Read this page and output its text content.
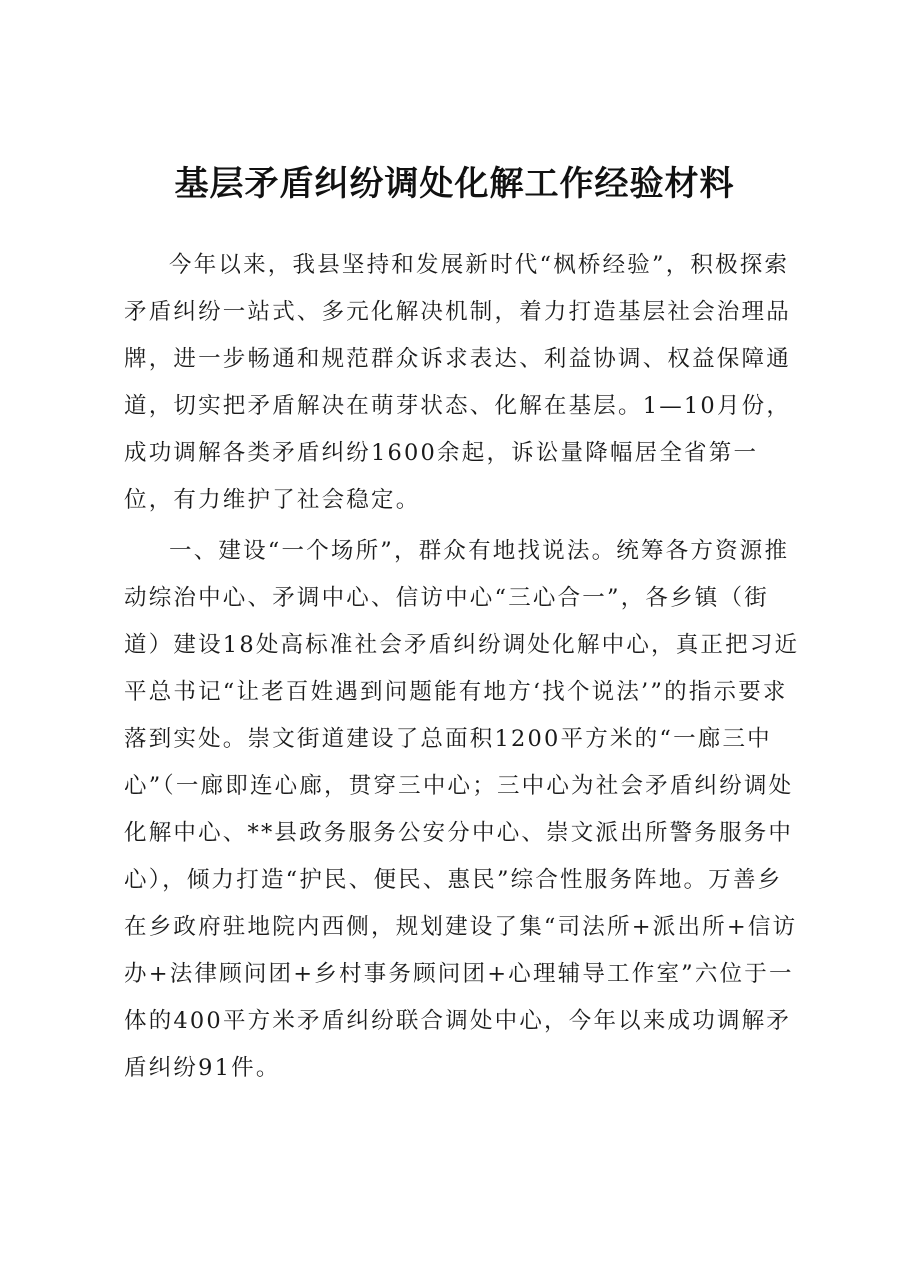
基层矛盾纠纷调处化解工作经验材料

今年以来，我县坚持和发展新时代“枫桥经验”，积极探索矛盾纠纷一站式、多元化解决机制，着力打造基层社会治理品牌，进一步畅通和规范群众诉求表达、利益协调、权益保障通道，切实把矛盾解决在萌芽状态、化解在基层。1—10月份，成功调解各类矛盾纠纷1600余起，诉讼量降幅居全省第一位，有力维护了社会稳定。

一、建设“一个场所”，群众有地找说法。统筹各方资源推动综治中心、矛调中心、信访中心“三心合一”，各乡镇（街道）建设18处高标准社会矛盾纠纷调处化解中心，真正把习近平总书记“让老百姓遇到问题能有地方‘找个说法’”的指示要求落到实处。崇文街道建设了总面积1200平方米的“一廊三中心”（一廊即连心廊，贯穿三中心；三中心为社会矛盾纠纷调处化解中心、**县政务服务公安分中心、崇文派出所警务服务中心），倾力打造“护民、便民、惠民”综合性服务阵地。万善乡在乡政府驻地院内西侧，规划建设了集“司法所+派出所+信访办+法律顾问团+乡村事务顾问团+心理辅导工作室”六位于一体的400平方米矛盾纠纷联合调处中心，今年以来成功调解矛盾纠纷91件。
